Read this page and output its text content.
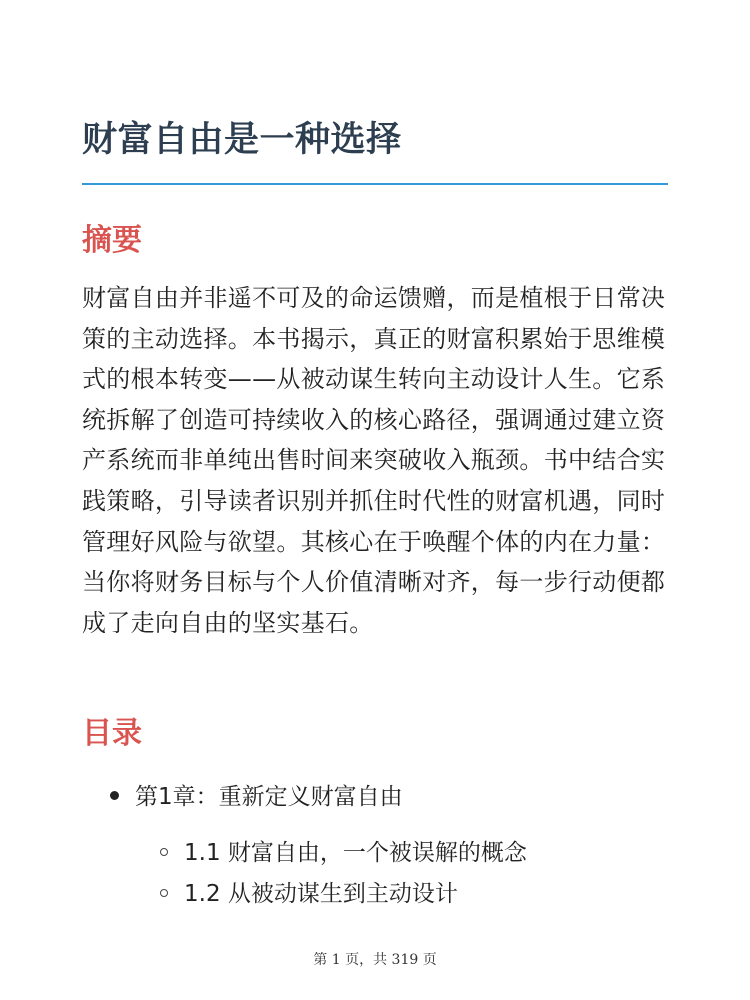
财富自由是一种选择
摘要

财富自由并非遥不可及的命运馈赠，而是植根于日常决策的主动选择。本书揭示，真正的财富积累始于思维模式的根本转变——从被动谋生转向主动设计人生。它系统拆解了创造可持续收入的核心路径，强调通过建立资产系统而非单纯出售时间来突破收入瓶颈。书中结合实践策略，引导读者识别并抓住时代性的财富机遇，同时管理好风险与欲望。其核心在于唤醒个体的内在力量：当你将财务目标与个人价值清晰对齐，每一步行动便都成了走向自由的坚实基石。

目录
第1章：重新定义财富自由
1.1 财富自由，一个被误解的概念
1.2 从被动谋生到主动设计
第 1 页，共 319 页
